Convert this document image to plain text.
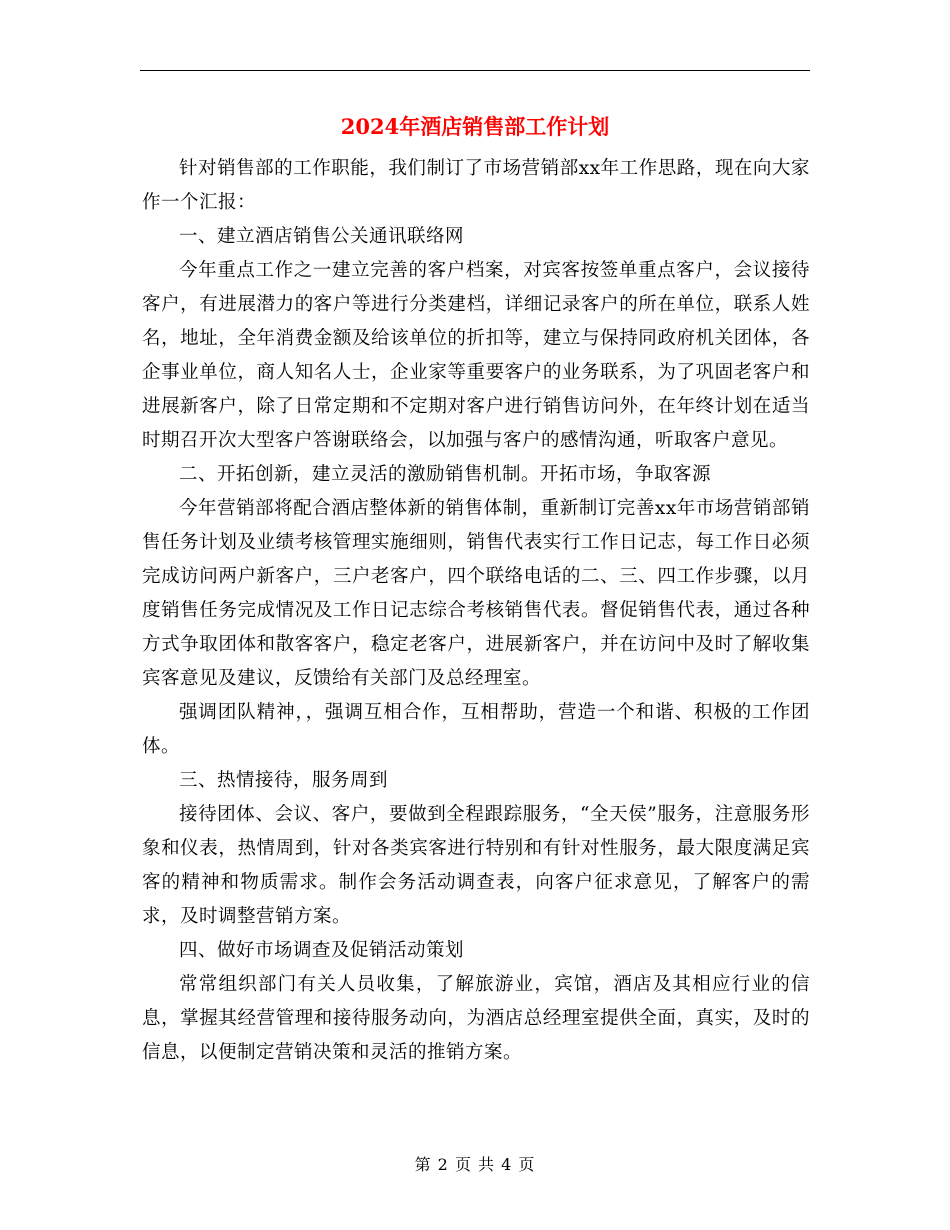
2024年酒店销售部工作计划

针对销售部的工作职能，我们制订了市场营销部xx年工作思路，现在向大家作一个汇报：

一、建立酒店销售公关通讯联络网

今年重点工作之一建立完善的客户档案，对宾客按签单重点客户，会议接待客户，有进展潜力的客户等进行分类建档，详细记录客户的所在单位，联系人姓名，地址，全年消费金额及给该单位的折扣等，建立与保持同政府机关团体，各企事业单位，商人知名人士，企业家等重要客户的业务联系，为了巩固老客户和进展新客户，除了日常定期和不定期对客户进行销售访问外，在年终计划在适当时期召开次大型客户答谢联络会，以加强与客户的感情沟通，听取客户意见。

二、开拓创新，建立灵活的激励销售机制。开拓市场，争取客源

今年营销部将配合酒店整体新的销售体制，重新制订完善xx年市场营销部销售任务计划及业绩考核管理实施细则，销售代表实行工作日记志，每工作日必须完成访问两户新客户，三户老客户，四个联络电话的二、三、四工作步骤，以月度销售任务完成情况及工作日记志综合考核销售代表。督促销售代表，通过各种方式争取团体和散客客户，稳定老客户，进展新客户，并在访问中及时了解收集宾客意见及建议，反馈给有关部门及总经理室。

强调团队精神，，强调互相合作，互相帮助，营造一个和谐、积极的工作团体。

三、热情接待，服务周到

接待团体、会议、客户，要做到全程跟踪服务，“全天侯”服务，注意服务形象和仪表，热情周到，针对各类宾客进行特别和有针对性服务，最大限度满足宾客的精神和物质需求。制作会务活动调查表，向客户征求意见，了解客户的需求，及时调整营销方案。

四、做好市场调查及促销活动策划

常常组织部门有关人员收集，了解旅游业，宾馆，酒店及其相应行业的信息，掌握其经营管理和接待服务动向，为酒店总经理室提供全面，真实，及时的信息，以便制定营销决策和灵活的推销方案。

第 2 页 共 4 页
